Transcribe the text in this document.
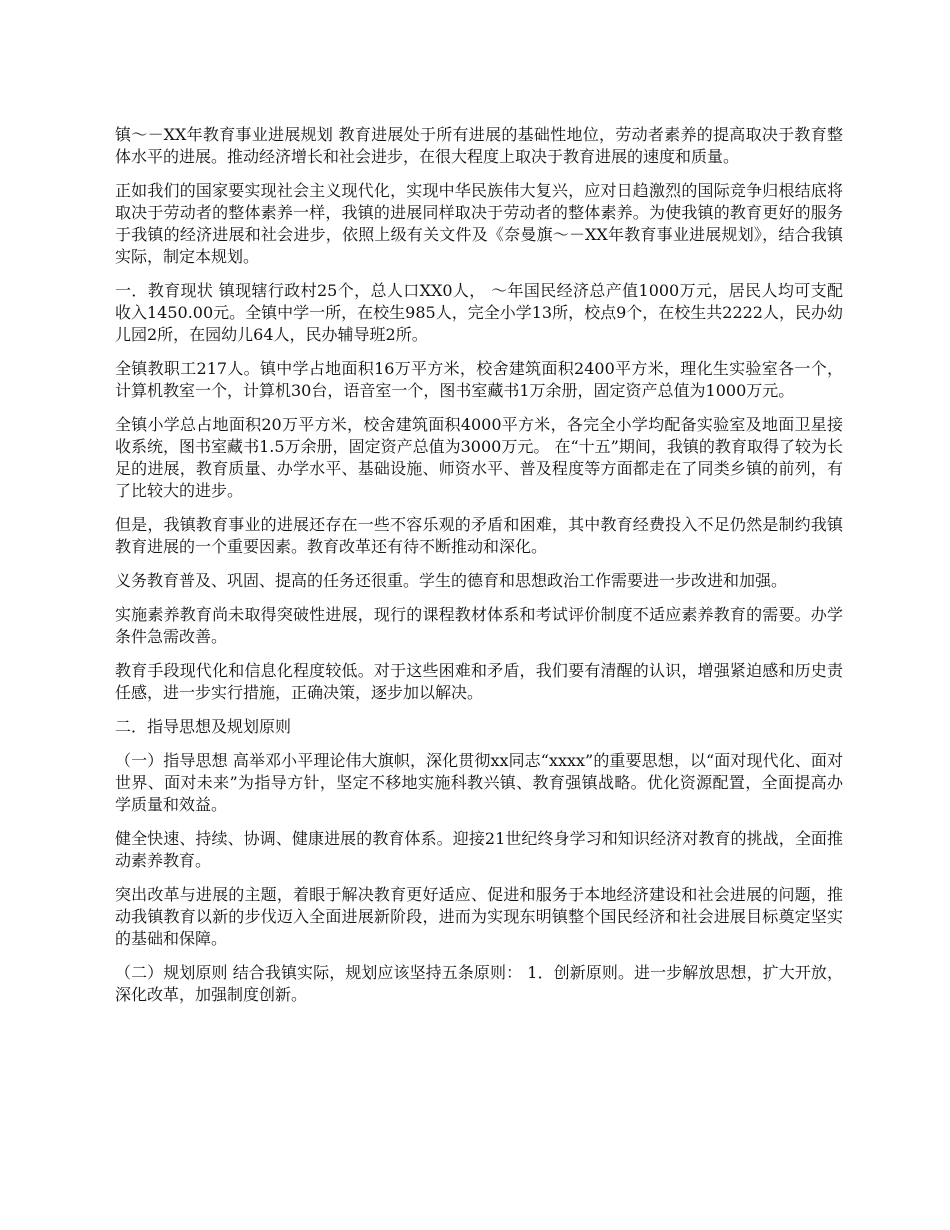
镇～－XX年教育事业进展规划 教育进展处于所有进展的基础性地位，劳动者素养的提高取决于教育整体水平的进展。推动经济增长和社会进步，在很大程度上取决于教育进展的速度和质量。

正如我们的国家要实现社会主义现代化，实现中华民族伟大复兴，应对日趋激烈的国际竞争归根结底将取决于劳动者的整体素养一样，我镇的进展同样取决于劳动者的整体素养。为使我镇的教育更好的服务于我镇的经济进展和社会进步，依照上级有关文件及《奈曼旗～－XX年教育事业进展规划》，结合我镇实际，制定本规划。

一．教育现状 镇现辖行政村25个，总人口XX0人， ～年国民经济总产值1000万元，居民人均可支配收入1450.00元。全镇中学一所，在校生985人，完全小学13所，校点9个，在校生共2222人，民办幼儿园2所，在园幼儿64人，民办辅导班2所。

全镇教职工217人。镇中学占地面积16万平方米，校舍建筑面积2400平方米，理化生实验室各一个，计算机教室一个，计算机30台，语音室一个，图书室藏书1万余册，固定资产总值为1000万元。

全镇小学总占地面积20万平方米，校舍建筑面积4000平方米，各完全小学均配备实验室及地面卫星接收系统，图书室藏书1.5万余册，固定资产总值为3000万元。 在“十五”期间，我镇的教育取得了较为长足的进展，教育质量、办学水平、基础设施、师资水平、普及程度等方面都走在了同类乡镇的前列，有了比较大的进步。

但是，我镇教育事业的进展还存在一些不容乐观的矛盾和困难，其中教育经费投入不足仍然是制约我镇教育进展的一个重要因素。教育改革还有待不断推动和深化。

义务教育普及、巩固、提高的任务还很重。学生的德育和思想政治工作需要进一步改进和加强。

实施素养教育尚未取得突破性进展，现行的课程教材体系和考试评价制度不适应素养教育的需要。办学条件急需改善。

教育手段现代化和信息化程度较低。对于这些困难和矛盾，我们要有清醒的认识，增强紧迫感和历史责任感，进一步实行措施，正确决策，逐步加以解决。

二．指导思想及规划原则

（一）指导思想 高举邓小平理论伟大旗帜，深化贯彻xx同志“xxxx”的重要思想，以“面对现代化、面对世界、面对未来”为指导方针，坚定不移地实施科教兴镇、教育强镇战略。优化资源配置，全面提高办学质量和效益。

健全快速、持续、协调、健康进展的教育体系。迎接21世纪终身学习和知识经济对教育的挑战，全面推动素养教育。

突出改革与进展的主题，着眼于解决教育更好适应、促进和服务于本地经济建设和社会进展的问题，推动我镇教育以新的步伐迈入全面进展新阶段，进而为实现东明镇整个国民经济和社会进展目标奠定坚实的基础和保障。

（二）规划原则 结合我镇实际，规划应该坚持五条原则： 1．创新原则。进一步解放思想，扩大开放，深化改革，加强制度创新。
